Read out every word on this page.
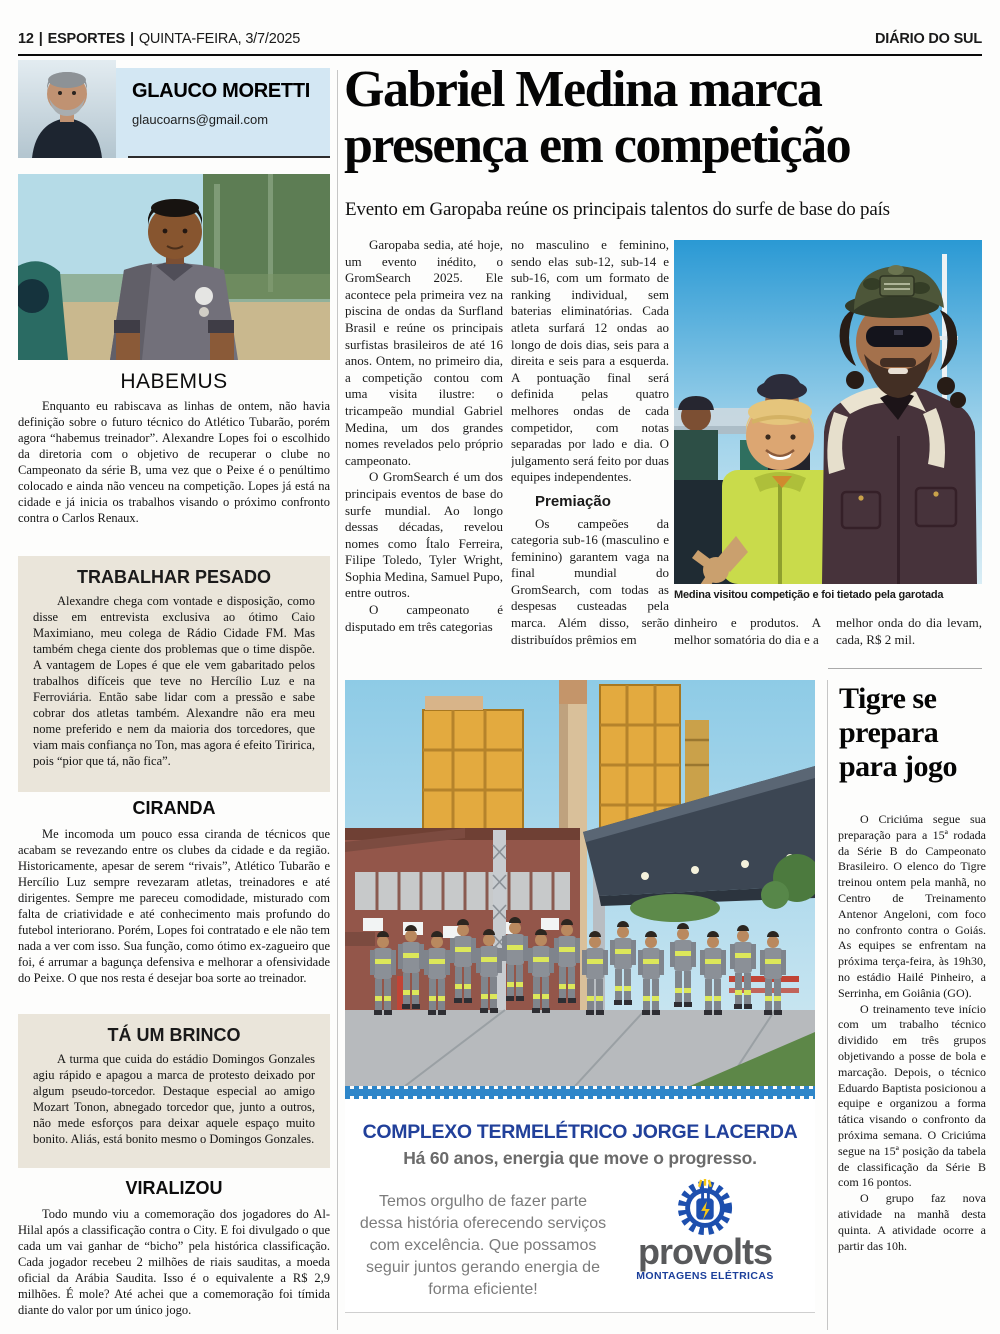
12 | ESPORTES | QUINTA-FEIRA, 3/7/2025	DIÁRIO DO SUL
GLAUCO MORETTI
glaucoarns@gmail.com
HABEMUS

Enquanto eu rabiscava as linhas de ontem, não havia definição sobre o futuro técnico do Atlético Tubarão, porém agora “habemus treinador”. Alexandre Lopes foi o escolhido da diretoria com o objetivo de recuperar o clube no Campeonato da série B, uma vez que o Peixe é o penúltimo colocado e ainda não venceu na competição. Lopes já está na cidade e já inicia os trabalhos visando o próximo confronto contra o Carlos Renaux.

TRABALHAR PESADO

Alexandre chega com vontade e disposição, como disse em entrevista exclusiva ao ótimo Caio Maximiano, meu colega de Rádio Cidade FM. Mas também chega ciente dos problemas que o time dispõe. A vantagem de Lopes é que ele vem gabaritado pelos trabalhos difíceis que teve no Hercílio Luz e na Ferroviária. Então sabe lidar com a pressão e sabe cobrar dos atletas também. Alexandre não era meu nome preferido e nem da maioria dos torcedores, que viam mais confiança no Ton, mas agora é efeito Tiririca, pois “pior que tá, não fica”.

CIRANDA

Me incomoda um pouco essa ciranda de técnicos que acabam se revezando entre os clubes da cidade e da região. Historicamente, apesar de serem “rivais”, Atlético Tubarão e Hercílio Luz sempre revezaram atletas, treinadores e até dirigentes. Sempre me pareceu comodidade, misturado com falta de criatividade e até conhecimento mais profundo do futebol interiorano. Porém, Lopes foi contratado e ele não tem nada a ver com isso. Sua função, como ótimo ex-zagueiro que foi, é arrumar a bagunça defensiva e melhorar a ofensividade do Peixe. O que nos resta é desejar boa sorte ao treinador.

TÁ UM BRINCO

A turma que cuida do estádio Domingos Gonzales agiu rápido e apagou a marca de protesto deixado por algum pseudo-torcedor. Destaque especial ao amigo Mozart Tonon, abnegado torcedor que, junto a outros, não mede esforços para deixar aquele espaço muito bonito. Aliás, está bonito mesmo o Domingos Gonzales.

VIRALIZOU

Todo mundo viu a comemoração dos jogadores do Al-Hilal após a classificação contra o City. E foi divulgado o que cada um vai ganhar de “bicho” pela histórica classificação. Cada jogador recebeu 2 milhões de riais sauditas, a moeda oficial da Arábia Saudita. Isso é o equivalente a R$ 2,9 milhões. É mole? Até achei que a comemoração foi tímida diante do valor por um único jogo.

Gabriel Medina marca presença em competição
Evento em Garopaba reúne os principais talentos do surfe de base do país

Garopaba sedia, até hoje, um evento inédito, o GromSearch 2025. Ele acontece pela primeira vez na piscina de ondas da Surfland Brasil e reúne os principais surfistas brasileiros de até 16 anos. Ontem, no primeiro dia, a competição contou com uma visita ilustre: o tricampeão mundial Gabriel Medina, um dos grandes nomes revelados pelo próprio campeonato.

O GromSearch é um dos principais eventos de base do surfe mundial. Ao longo dessas décadas, revelou nomes como Ítalo Ferreira, Filipe Toledo, Tyler Wright, Sophia Medina, Samuel Pupo, entre outros.

O campeonato é disputado em três categorias

no masculino e feminino, sendo elas sub-12, sub-14 e sub-16, com um formato de ranking individual, sem baterias eliminatórias. Cada atleta surfará 12 ondas ao longo de dois dias, seis para a direita e seis para a esquerda. A pontuação final será definida pelas quatro melhores ondas de cada competidor, com notas separadas por lado e dia. O julgamento será feito por duas equipes independentes.

Premiação

Os campeões da categoria sub-16 (masculino e feminino) garantem vaga na final mundial do GromSearch, com todas as despesas custeadas pela marca. Além disso, serão distribuídos prêmios em

Medina visitou competição e foi tietado pela garotada
dinheiro e produtos. A melhor somatória do dia e a
melhor onda do dia levam, cada, R$ 2 mil.
COMPLEXO TERMELÉTRICO JORGE LACERDA
Há 60 anos, energia que move o progresso.
Temos orgulho de fazer parte dessa história oferecendo serviços com excelência. Que possamos seguir juntos gerando energia de forma eficiente!
provolts
MONTAGENS ELÉTRICAS
Tigre se prepara para jogo

O Criciúma segue sua preparação para a 15ª rodada da Série B do Campeonato Brasileiro. O elenco do Tigre treinou ontem pela manhã, no Centro de Treinamento Antenor Angeloni, com foco no confronto contra o Goiás. As equipes se enfrentam na próxima terça-feira, às 19h30, no estádio Hailé Pinheiro, a Serrinha, em Goiânia (GO).

O treinamento teve início com um trabalho técnico dividido em três grupos objetivando a posse de bola e marcação. Depois, o técnico Eduardo Baptista posicionou a equipe e organizou a forma tática visando o confronto da próxima semana. O Criciúma segue na 15ª posição da tabela de classificação da Série B com 16 pontos.

O grupo faz nova atividade na manhã desta quinta. A atividade ocorre a partir das 10h.
